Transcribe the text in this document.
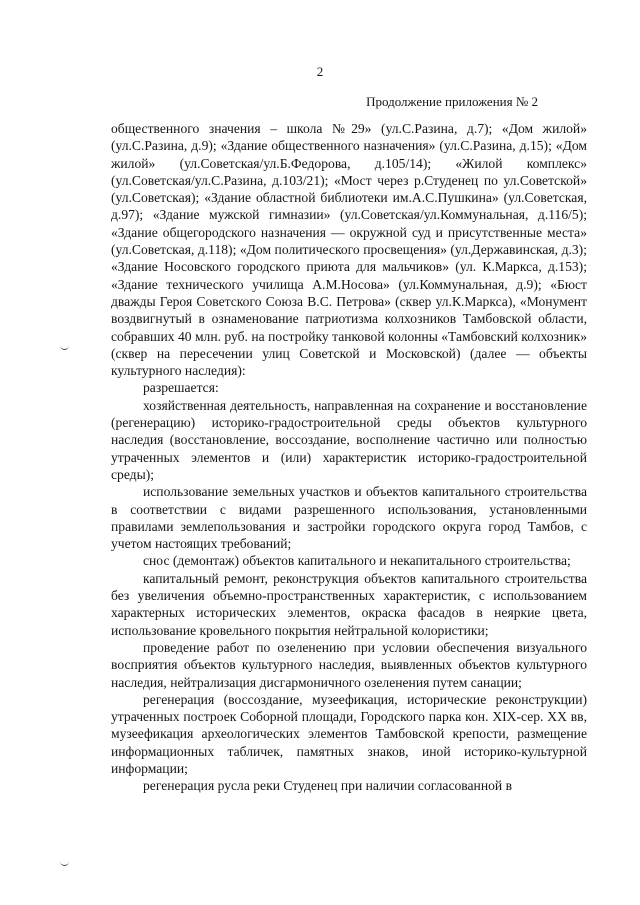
2
Продолжение приложения № 2

общественного значения – школа №29» (ул.С.Разина, д.7); «Дом жилой» (ул.С.Разина, д.9); «Здание общественного назначения» (ул.С.Разина, д.15); «Дом жилой» (ул.Советская/ул.Б.Федорова, д.105/14); «Жилой комплекс» (ул.Советская/ул.С.Разина, д.103/21); «Мост через р.Студенец по ул.Советской» (ул.Советская); «Здание областной библиотеки им.А.С.Пушкина» (ул.Советская, д.97); «Здание мужской гимназии» (ул.Советская/ул.Коммунальная, д.116/5); «Здание общегородского назначения — окружной суд и присутственные места» (ул.Советская, д.118); «Дом политического просвещения» (ул.Державинская, д.3); «Здание Носовского городского приюта для мальчиков» (ул. К.Маркса, д.153); «Здание технического училища А.М.Носова» (ул.Коммунальная, д.9); «Бюст дважды Героя Советского Союза В.С. Петрова» (сквер ул.К.Маркса), «Монумент воздвигнутый в ознаменование патриотизма колхозников Тамбовской области, собравших 40 млн. руб. на постройку танковой колонны «Тамбовский колхозник» (сквер на пересечении улиц Советской и Московской) (далее — объекты культурного наследия):

разрешается:

хозяйственная деятельность, направленная на сохранение и восстановление (регенерацию) историко-градостроительной среды объектов культурного наследия (восстановление, воссоздание, восполнение частично или полностью утраченных элементов и (или) характеристик историко-градостроительной среды);

использование земельных участков и объектов капитального строительства в соответствии с видами разрешенного использования, установленными правилами землепользования и застройки городского округа город Тамбов, с учетом настоящих требований;

снос (демонтаж) объектов капитального и некапитального строительства;

капитальный ремонт, реконструкция объектов капитального строительства без увеличения объемно-пространственных характеристик, с использованием характерных исторических элементов, окраска фасадов в неяркие цвета, использование кровельного покрытия нейтральной колористики;

проведение работ по озеленению при условии обеспечения визуального восприятия объектов культурного наследия, выявленных объектов культурного наследия, нейтрализация дисгармоничного озеленения путем санации;

регенерация (воссоздание, музеефикация, исторические реконструкции) утраченных построек Соборной площади, Городского парка кон. XIX-сер. XX вв, музеефикация археологических элементов Тамбовской крепости, размещение информационных табличек, памятных знаков, иной историко-культурной информации;

регенерация русла реки Студенец при наличии согласованной в
